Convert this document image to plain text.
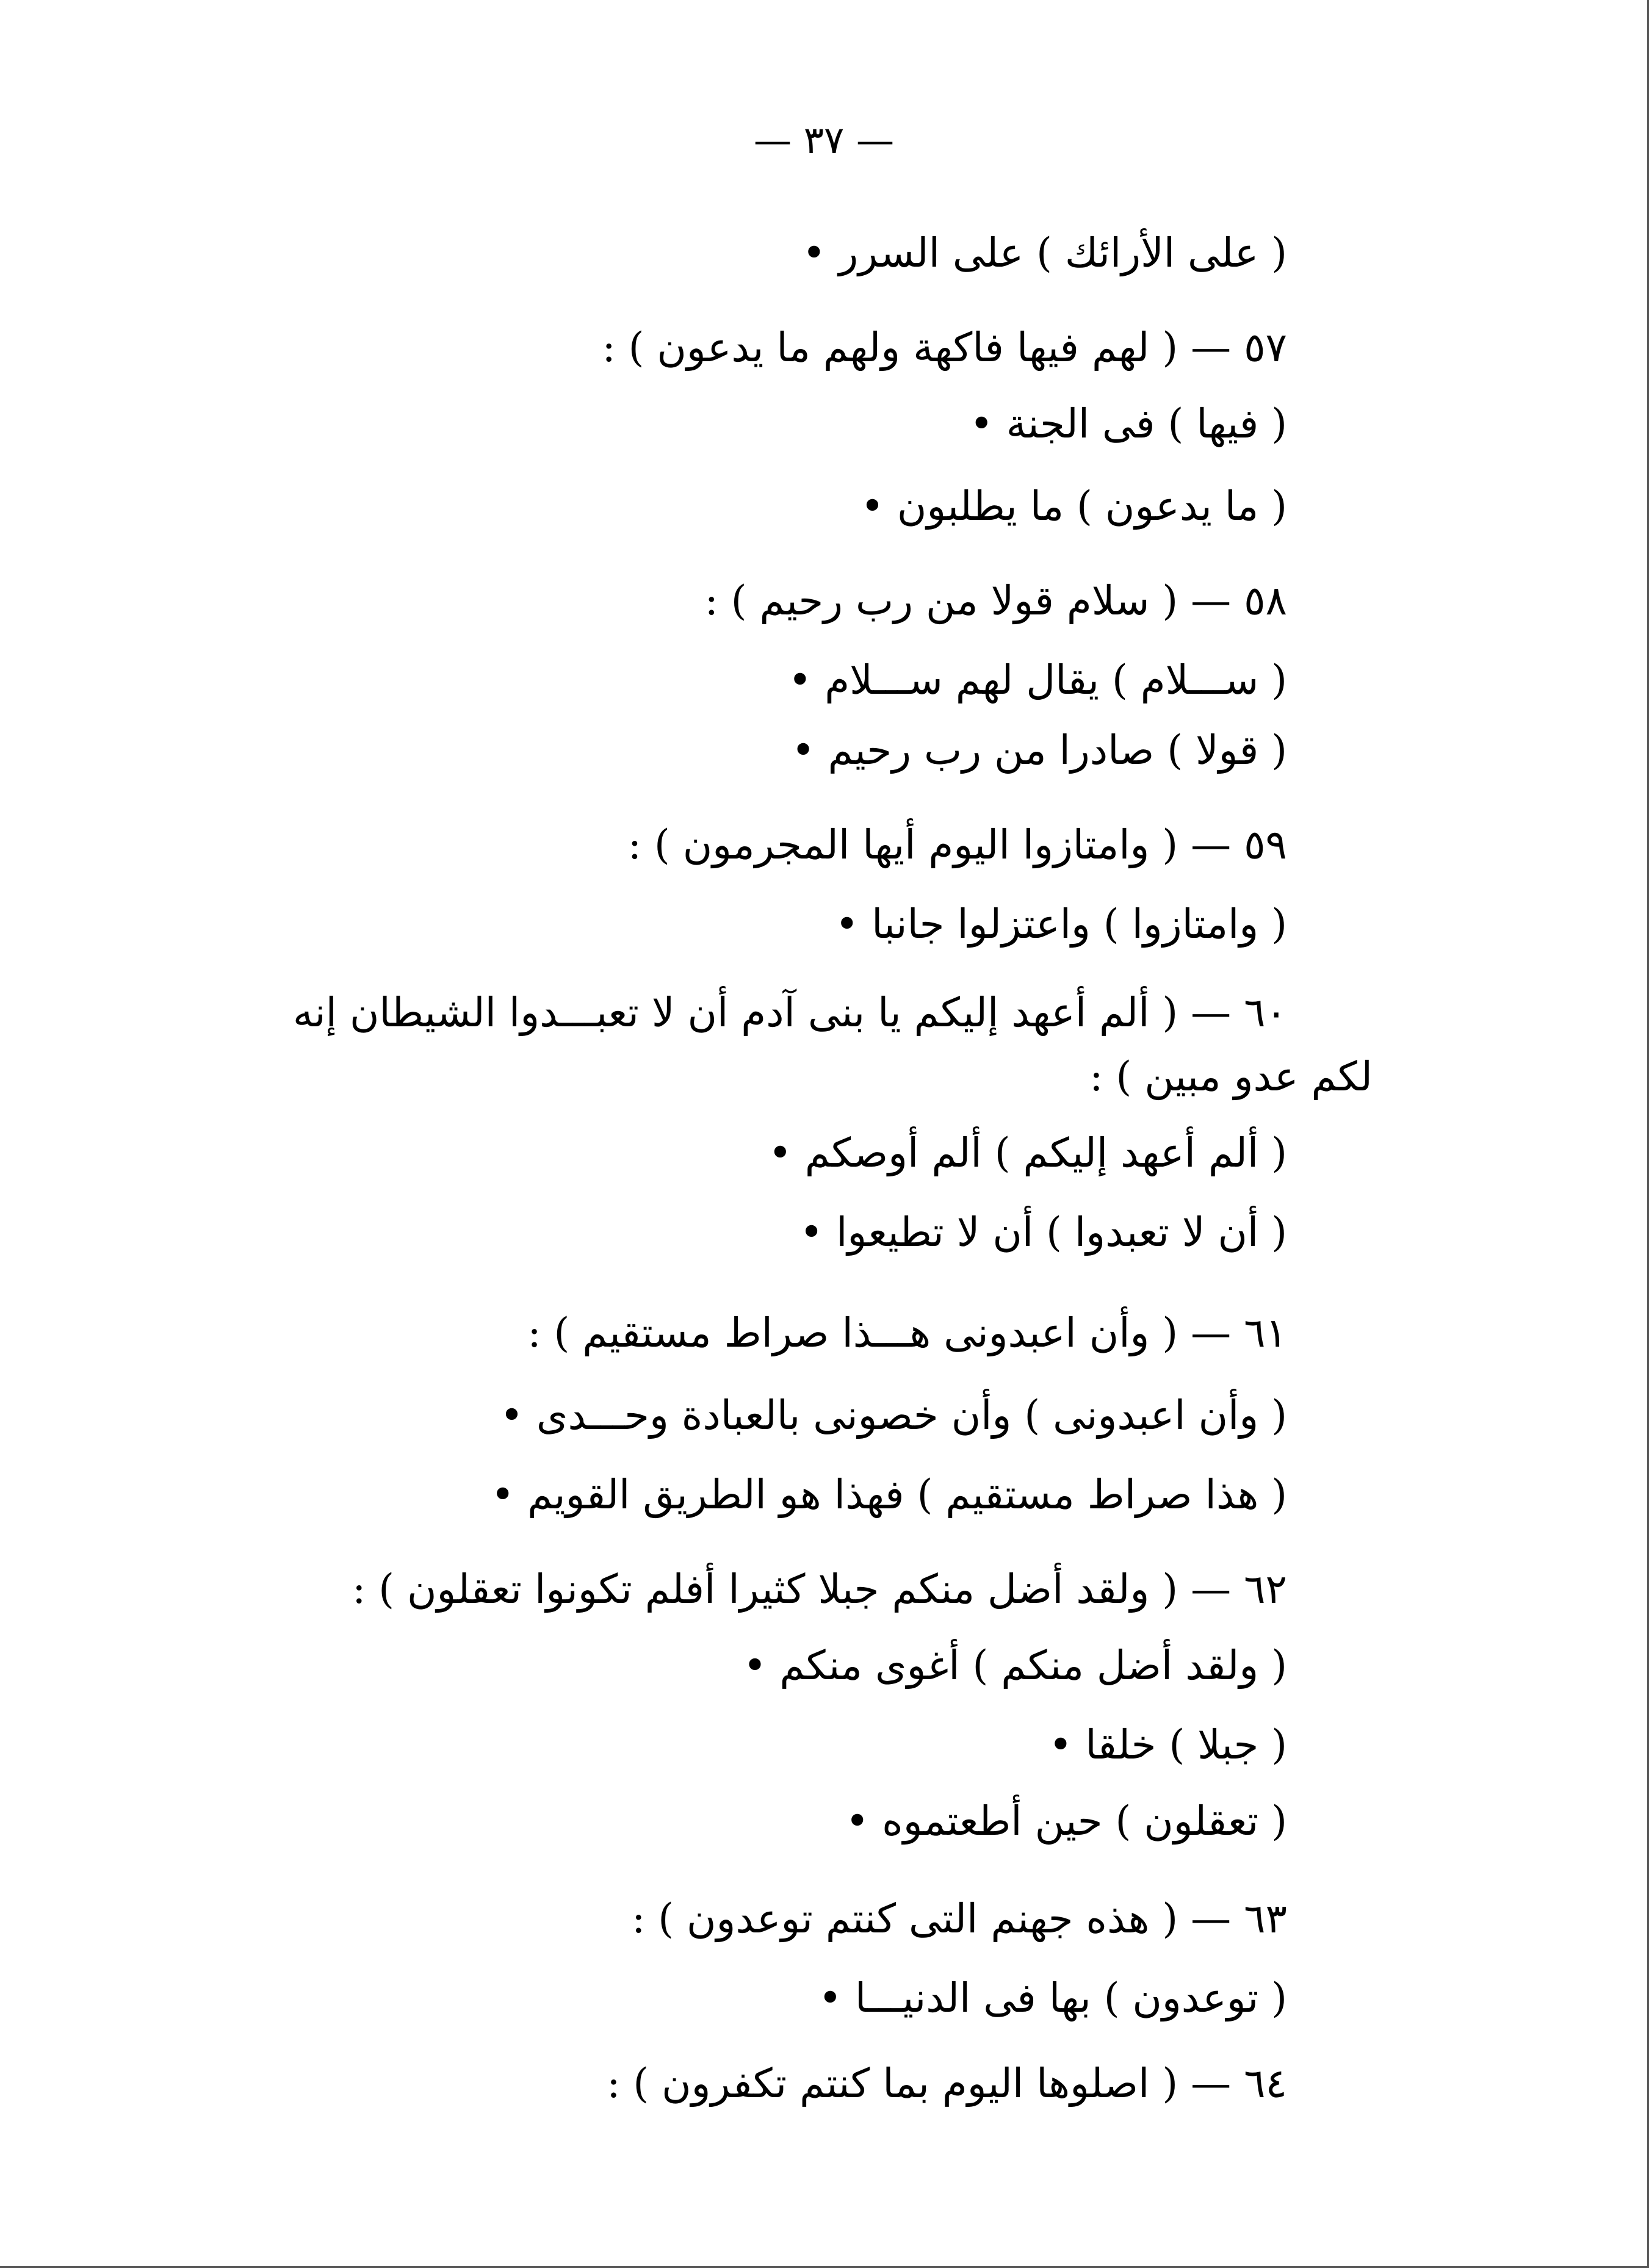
— ٣٧ —
( على الأرائك ) على السرر •
٥٧ — ( لهم فيها فاكهة ولهم ما يدعون ) :
( فيها ) فى الجنة •
( ما يدعون ) ما يطلبون •
٥٨ — ( سلام قولا من رب رحيم ) :
( ســـلام ) يقال لهم ســـلام •
( قولا ) صادرا من رب رحيم •
٥٩ — ( وامتازوا اليوم أيها المجرمون ) :
( وامتازوا ) واعتزلوا جانبا •
٦٠ — ( ألم أعهد إليكم يا بنى آدم أن لا تعبـــدوا الشيطان إنه
لكم عدو مبين ) :
( ألم أعهد إليكم ) ألم أوصكم •
( أن لا تعبدوا ) أن لا تطيعوا •
٦١ — ( وأن اعبدونى هـــذا صراط مستقيم ) :
( وأن اعبدونى ) وأن خصونى بالعبادة وحـــدى •
( هذا صراط مستقيم ) فهذا هو الطريق القويم •
٦٢ — ( ولقد أضل منكم جبلا كثيرا أفلم تكونوا تعقلون ) :
( ولقد أضل منكم ) أغوى منكم •
( جبلا ) خلقا •
( تعقلون ) حين أطعتموه •
٦٣ — ( هذه جهنم التى كنتم توعدون ) :
( توعدون ) بها فى الدنيـــا •
٦٤ — ( اصلوها اليوم بما كنتم تكفرون ) :
